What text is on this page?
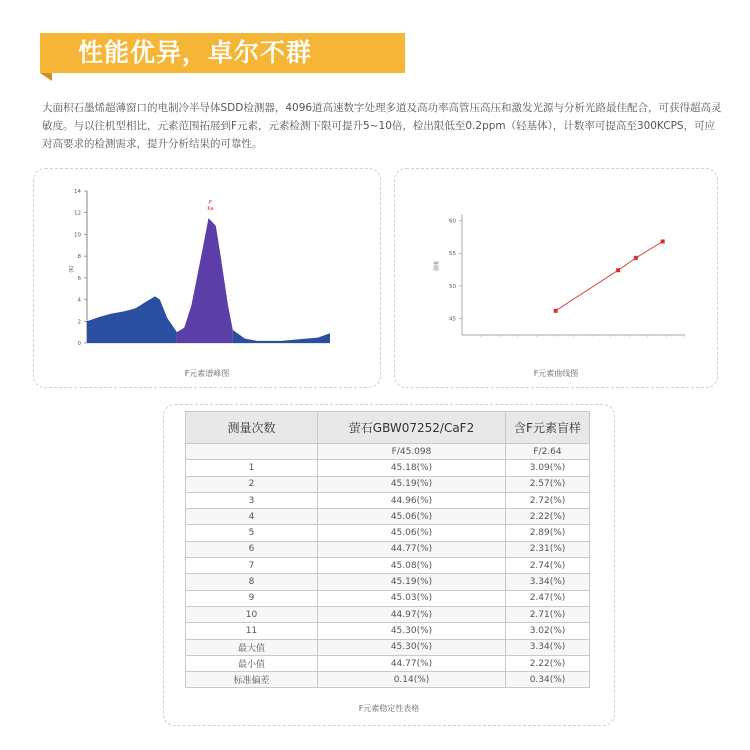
性能优异，卓尔不群
大面积石墨烯超薄窗口的电制冷半导体SDD检测器，4096道高速数字处理多道及高功率高管压高压和激发光源与分析光路最佳配合，可获得超高灵敏度。与以往机型相比，元素范围拓展到F元素，元素检测下限可提升5~10倍，检出限低至0.2ppm（轻基体），计数率可提高至300KCPS，可应对高要求的检测需求，提升分析结果的可靠性。
0
2
4
6
8
10
12
14
(K)
F
Ka
F元素谱峰图
45
50
55
60
强度
F元素曲线图
F元素稳定性表格
测量次数	萤石GBW07252/CaF2	含F元素盲样
	F/45.098	F/2.64
1	45.18(%)	3.09(%)
2	45.19(%)	2.57(%)
3	44.96(%)	2.72(%)
4	45.06(%)	2.22(%)
5	45.06(%)	2.89(%)
6	44.77(%)	2.31(%)
7	45.08(%)	2.74(%)
8	45.19(%)	3.34(%)
9	45.03(%)	2.47(%)
10	44.97(%)	2.71(%)
11	45.30(%)	3.02(%)
最大值	45.30(%)	3.34(%)
最小值	44.77(%)	2.22(%)
标准偏差	0.14(%)	0.34(%)
